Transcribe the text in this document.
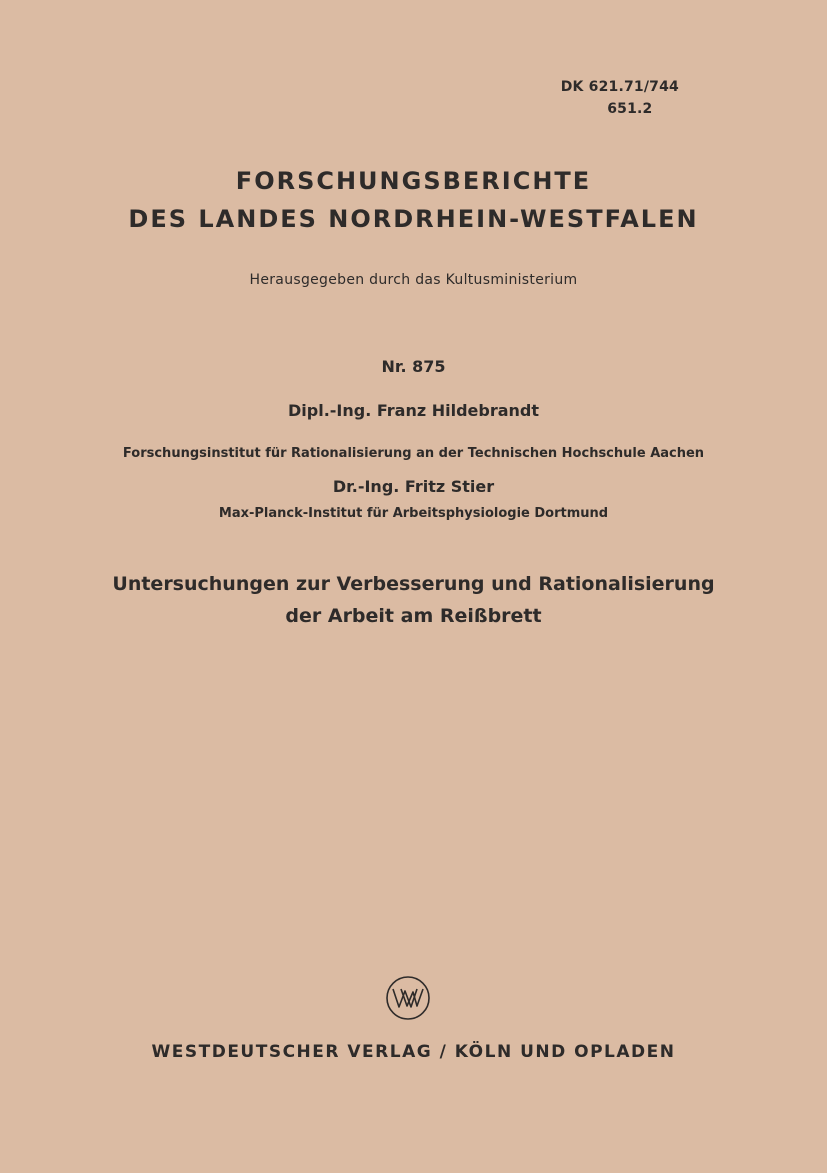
DK 621.71/744

651.2
FORSCHUNGSBERICHTE
DES LANDES NORDRHEIN-WESTFALEN
Herausgegeben durch das Kultusministerium
Nr. 875
Dipl.-Ing. Franz Hildebrandt
Forschungsinstitut für Rationalisierung an der Technischen Hochschule Aachen
Dr.-Ing. Fritz Stier
Max-Planck-Institut für Arbeitsphysiologie Dortmund
Untersuchungen zur Verbesserung und Rationalisierung
der Arbeit am Reißbrett
WESTDEUTSCHER VERLAG / KÖLN UND OPLADEN
